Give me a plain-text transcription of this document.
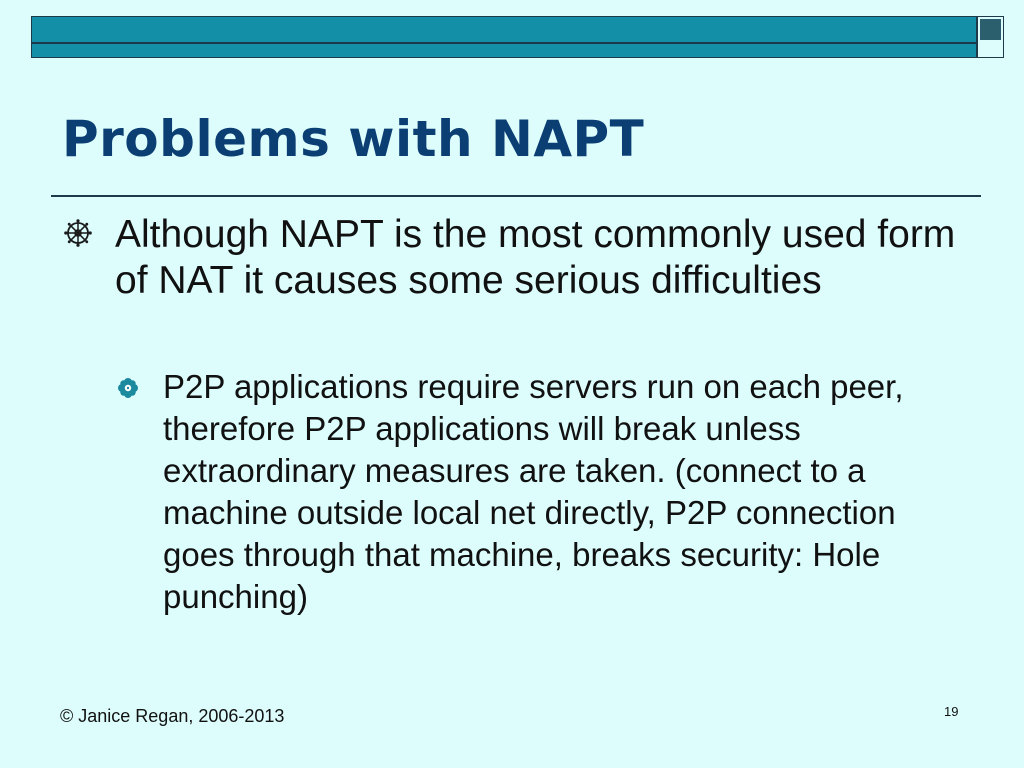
Problems with NAPT
Although NAPT is the most commonly used form of NAT it causes some serious difficulties
P2P applications require servers run on each peer, therefore P2P applications will break unless extraordinary measures are taken. (connect to a machine outside local net directly, P2P connection goes through that machine, breaks security: Hole punching)
© Janice Regan, 2006-2013	19
